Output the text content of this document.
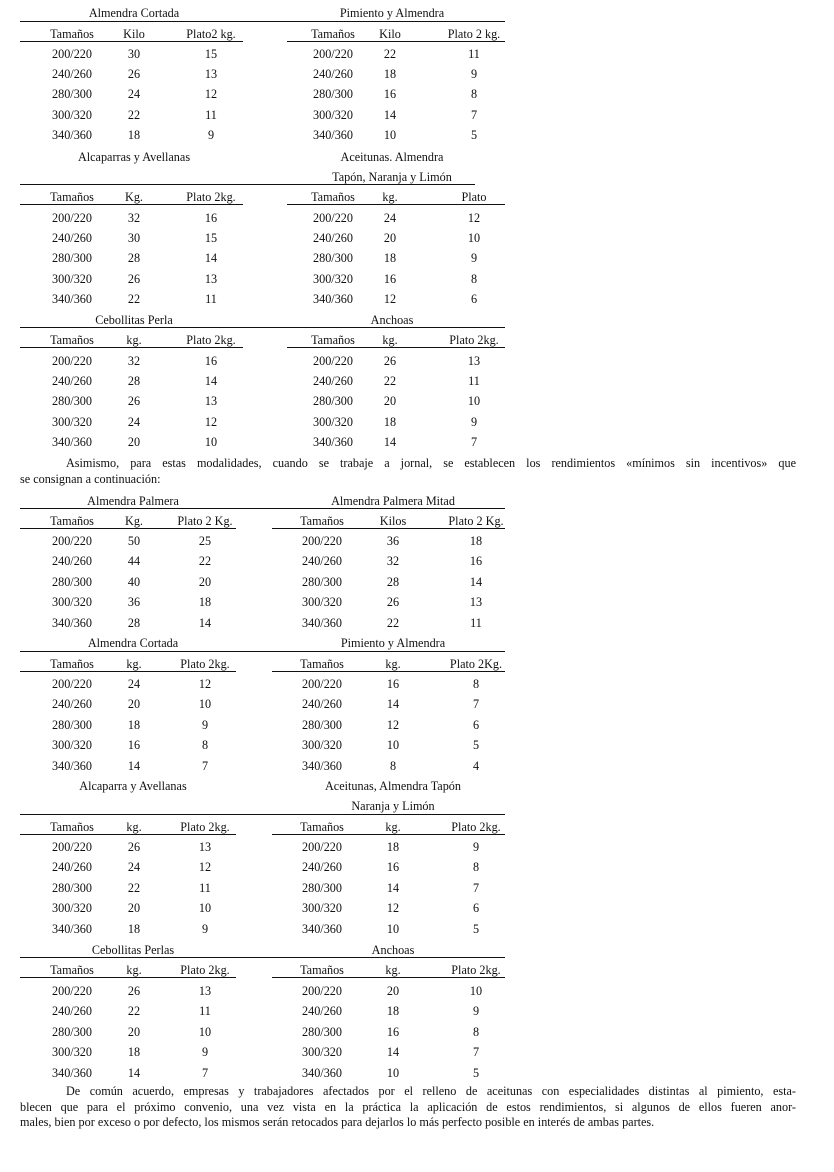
Almendra Cortada
Tamaños Kilo	Plato2 kg.
200/220	30	15
240/260	26	13
280/300	24	12
300/320	22	11
340/360	18	9
Pimiento y Almendra
Tamaños Kilo	Plato 2 kg.
200/220	22	11
240/260	18	9
280/300	16	8
300/320	14	7
340/360	10	5
Alcaparras y Avellanas
Tamaños	Kg.	Plato 2kg.
200/220	32	16
240/260	30	15
280/300	28	14
300/320	26	13
340/360	22	11
Aceitunas. Almendra
Tapón, Naranja y Limón
Tamaños kg.	Plato
200/220	24	12
240/260	20	10
280/300	18	9
300/320	16	8
340/360	12	6
Cebollitas Perla
Tamaños	kg.	Plato 2kg.
200/220	32	16
240/260	28	14
280/300	26	13
300/320	24	12
340/360	20	10
Anchoas
Tamaños kg.	Plato 2kg.
200/220	26	13
240/260	22	11
280/300	20	10
300/320	18	9
340/360	14	7
Almendra Palmera
Tamaños	Kg.	Plato 2 Kg.
200/220	50	25
240/260	44	22
280/300	40	20
300/320	36	18
340/360	28	14
Almendra Palmera Mitad
Tamaños	Kilos	Plato 2 Kg.
200/220	36	18
240/260	32	16
280/300	28	14
300/320	26	13
340/360	22	11
Almendra Cortada
Tamaños	kg.	Plato 2kg.
200/220	24	12
240/260	20	10
280/300	18	9
300/320	16	8
340/360	14	7
Pimiento y Almendra
Tamaños	kg.	Plato 2Kg.
200/220	16	8
240/260	14	7
280/300	12	6
300/320	10	5
340/360	8	4
Alcaparra y Avellanas
Tamaños	kg.	Plato 2kg.
200/220	26	13
240/260	24	12
280/300	22	11
300/320	20	10
340/360	18	9
Aceitunas, Almendra Tapón
Naranja y Limón
Tamaños	kg.	Plato 2kg.
200/220	18	9
240/260	16	8
280/300	14	7
300/320	12	6
340/360	10	5
Cebollitas Perlas
Tamaños	kg.	Plato 2kg.
200/220	26	13
240/260	22	11
280/300	20	10
300/320	18	9
340/360	14	7
Anchoas
Tamaños	kg.	Plato 2kg.
200/220	20	10
240/260	18	9
280/300	16	8
300/320	14	7
340/360	10	5
Asimismo, para estas modalidades, cuando se trabaje a jornal, se establecen los rendimientos «mínimos sin incentivos» que
se consignan a continuación:
De común acuerdo, empresas y trabajadores afectados por el relleno de aceitunas con especialidades distintas al pimiento, esta-
blecen que para el próximo convenio, una vez vista en la práctica la aplicación de estos rendimientos, si algunos de ellos fueren anor-
males, bien por exceso o por defecto, los mismos serán retocados para dejarlos lo más perfecto posible en interés de ambas partes.
